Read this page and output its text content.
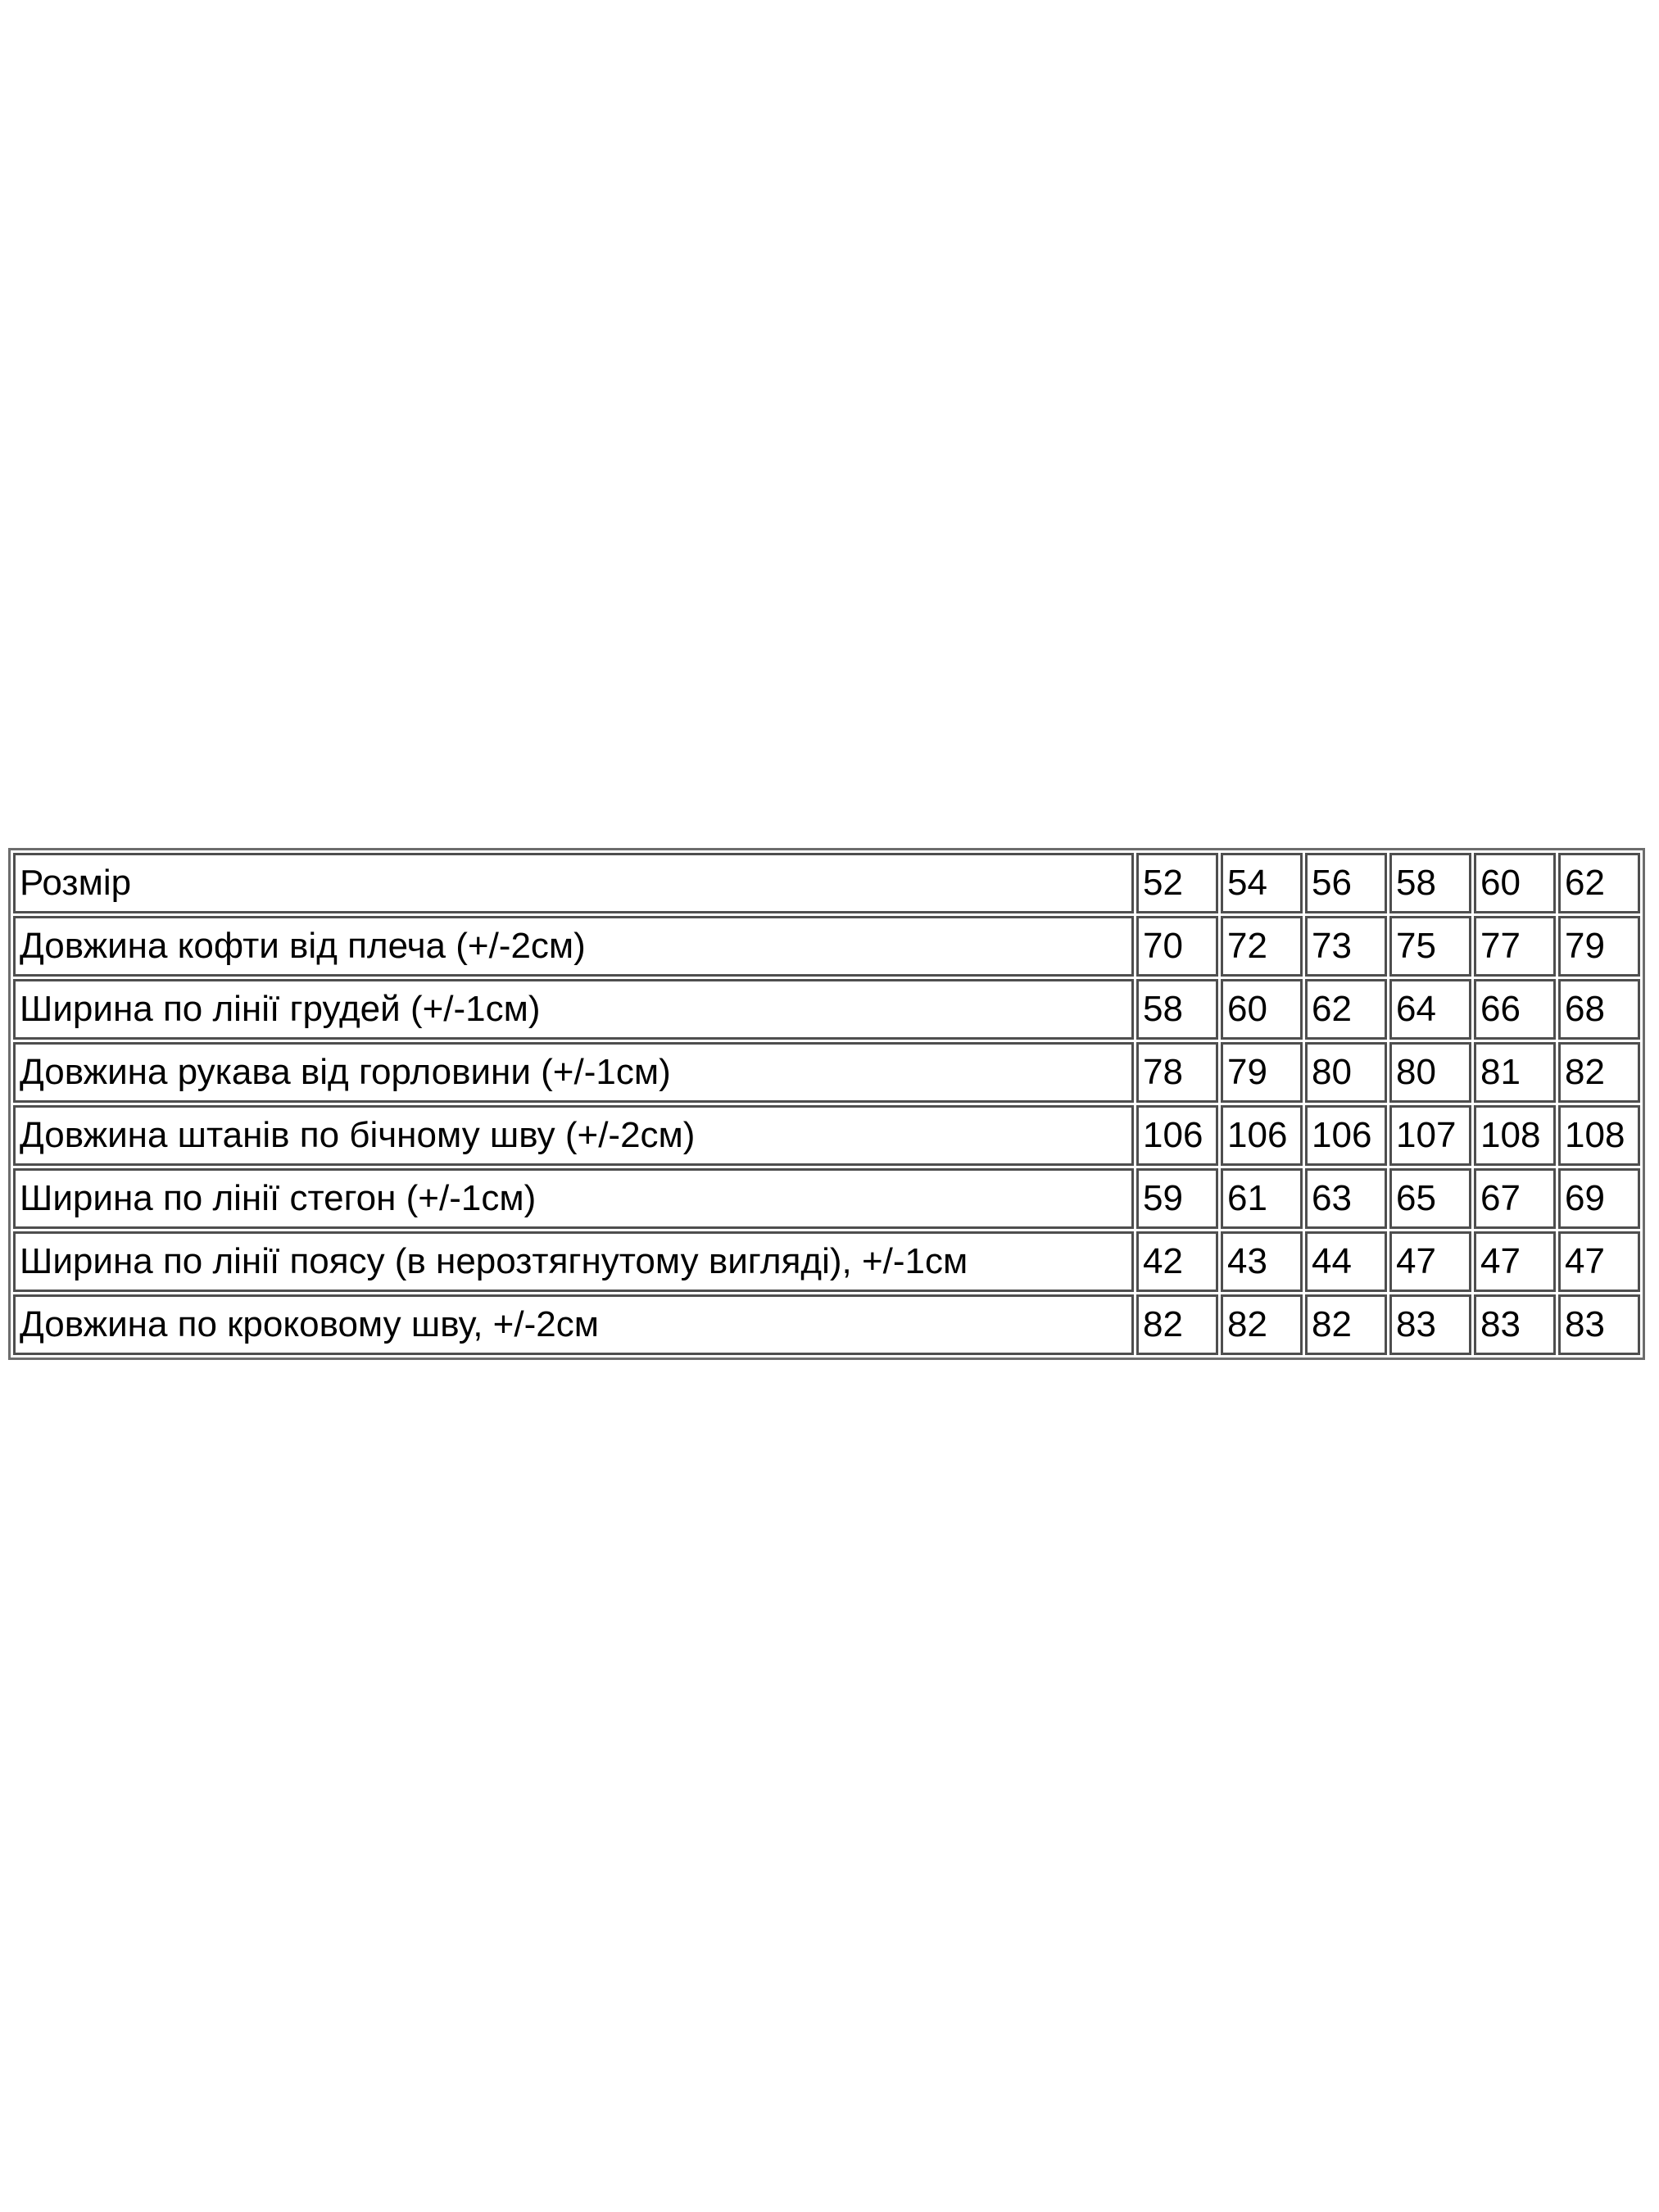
Розмір	52	54	56	58	60	62
Довжина кофти від плеча (+/-2см)	70	72	73	75	77	79
Ширина по лінії грудей (+/-1см)	58	60	62	64	66	68
Довжина рукава від горловини (+/-1см)	78	79	80	80	81	82
Довжина штанів по бічному шву (+/-2см)	106	106	106	107	108	108
Ширина по лінії стегон (+/-1см)	59	61	63	65	67	69
Ширина по лінії поясу (в нерозтягнутому вигляді), +/-1см	42	43	44	47	47	47
Довжина по кроковому шву, +/-2см	82	82	82	83	83	83
